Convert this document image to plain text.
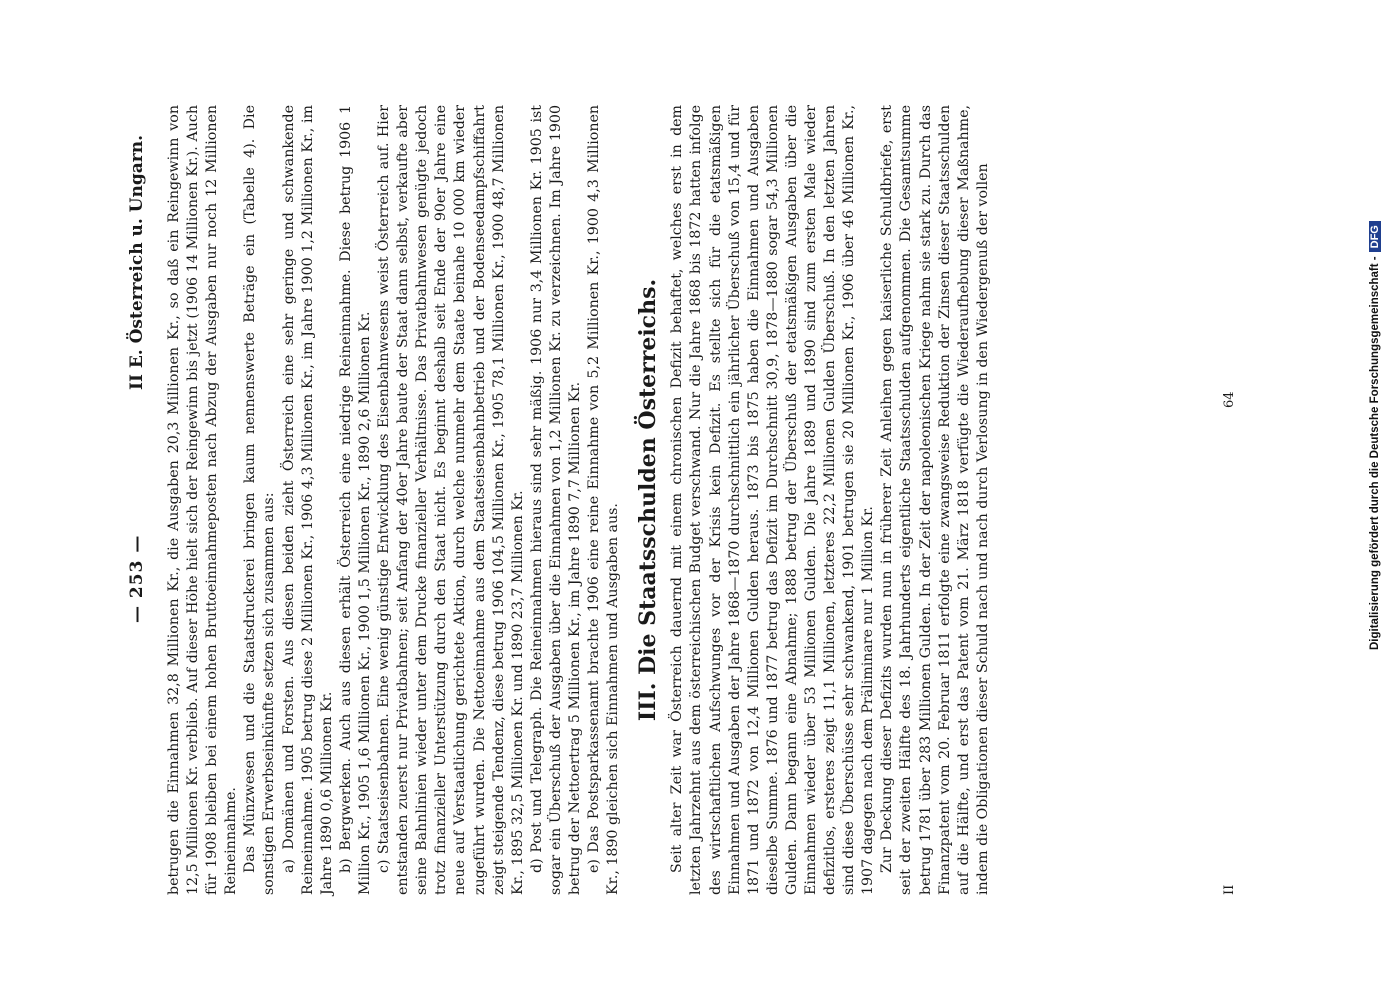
— 253 —
II E. Österreich u. Ungarn. betrugen die Einnahmen 32,8 Millionen Kr., die Ausgaben 20,3 Millionen Kr., so daß ein Reingewinn von 12,5 Millionen Kr. verblieb. Auf dieser Höhe hielt sich der Reingewinn bis jetzt (1906 14 Millionen Kr.). Auch für 1908 bleiben bei einem hohen Bruttoeinnahmeposten nach Abzug der Ausgaben nur noch 12 Millionen Reineinnahme. Das Münzwesen und die Staatsdruckerei bringen kaum nennenswerte Beträge ein (Tabelle 4). Die sonstigen Erwerbseinkünfte setzen sich zusammen aus: a) Domänen und Forsten. Aus diesen beiden zieht Österreich eine sehr geringe und schwankende Reineinnahme. 1905 betrug diese 2 Millionen Kr., 1906 4,3 Millionen Kr., im Jahre 1900 1,2 Millionen Kr., im Jahre 1890 0,6 Millionen Kr. b) Bergwerken. Auch aus diesen erhält Österreich eine niedrige Reineinnahme. Diese betrug 1906 1 Million Kr., 1905 1,6 Millionen Kr., 1900 1,5 Millionen Kr., 1890 2,6 Millionen Kr. c) Staatseisenbahnen. Eine wenig günstige Entwicklung des Eisenbahnwesens weist Österreich auf. Hier entstanden zuerst nur Privatbahnen; seit Anfang der 40er Jahre baute der Staat dann selbst, verkaufte aber seine Bahnlinien wieder unter dem Drucke finanzieller Verhältnisse. Das Privatbahnwesen genügte jedoch trotz finanzieller Unterstützung durch den Staat nicht. Es beginnt deshalb seit Ende der 90er Jahre eine neue auf Verstaatlichung gerichtete Aktion, durch welche nunmehr dem Staate beinahe 10 000 km wieder zugeführt wurden. Die Nettoeinnahme aus dem Staatseisenbahnbetrieb und der Bodenseedampfschiffahrt zeigt steigende Tendenz, diese betrug 1906 104,5 Millionen Kr., 1905 78,1 Millionen Kr., 1900 48,7 Millionen Kr., 1895 32,5 Millionen Kr. und 1890 23,7 Millionen Kr. d) Post und Telegraph. Die Reineinnahmen hieraus sind sehr mäßig. 1906 nur 3,4 Millionen Kr. 1905 ist sogar ein Überschuß der Ausgaben über die Einnahmen von 1,2 Millionen Kr. zu verzeichnen. Im Jahre 1900 betrug der Nettoertrag 5 Millionen Kr., im Jahre 1890 7,7 Millionen Kr. e) Das Postsparkassenamt brachte 1906 eine reine Einnahme von 5,2 Millionen Kr., 1900 4,3 Millionen Kr., 1890 gleichen sich Einnahmen und Ausgaben aus. III. Die Staatsschulden Österreichs. Seit alter Zeit war Österreich dauernd mit einem chronischen Defizit behaftet, welches erst in dem letzten Jahrzehnt aus dem österreichischen Budget verschwand. Nur die Jahre 1868 bis 1872 hatten infolge des wirtschaftlichen Aufschwunges vor der Krisis kein Defizit. Es stellte sich für die etatsmäßigen Einnahmen und Ausgaben der Jahre 1868—1870 durchschnittlich ein jährlicher Überschuß von 15,4 und für 1871 und 1872 von 12,4 Millionen Gulden heraus. 1873 bis 1875 haben die Einnahmen und Ausgaben dieselbe Summe. 1876 und 1877 betrug das Defizit im Durchschnitt 30,9, 1878—1880 sogar 54,3 Millionen Gulden. Dann begann eine Abnahme; 1888 betrug der Überschuß der etatsmäßigen Ausgaben über die Einnahmen wieder über 53 Millionen Gulden. Die Jahre 1889 und 1890 sind zum ersten Male wieder defizitlos, ersteres zeigt 11,1 Millionen, letzteres 22,2 Millionen Gulden Überschuß. In den letzten Jahren sind diese Überschüsse sehr schwankend, 1901 betrugen sie 20 Millionen Kr., 1906 über 46 Millionen Kr., 1907 dagegen nach dem Präliminare nur 1 Million Kr. Zur Deckung dieser Defizits wurden nun in früherer Zeit Anleihen gegen kaiserliche Schuldbriefe, erst seit der zweiten Hälfte des 18. Jahrhunderts eigentliche Staatsschulden aufgenommen. Die Gesamtsumme betrug 1781 über 283 Millionen Gulden. In der Zeit der napoleonischen Kriege nahm sie stark zu. Durch das Finanzpatent vom 20. Februar 1811 erfolgte eine zwangsweise Reduktion der Zinsen dieser Staatsschulden auf die Hälfte, und erst das Patent vom 21. März 1818 verfügte die Wiederaufhebung dieser Maßnahme, indem die Obligationen dieser Schuld nach und nach durch Verlosung in den Wiedergenuß der vollen	II
64	Digitalisierung gefördert durch die Deutsche Forschungsgemeinschaft -DFG
